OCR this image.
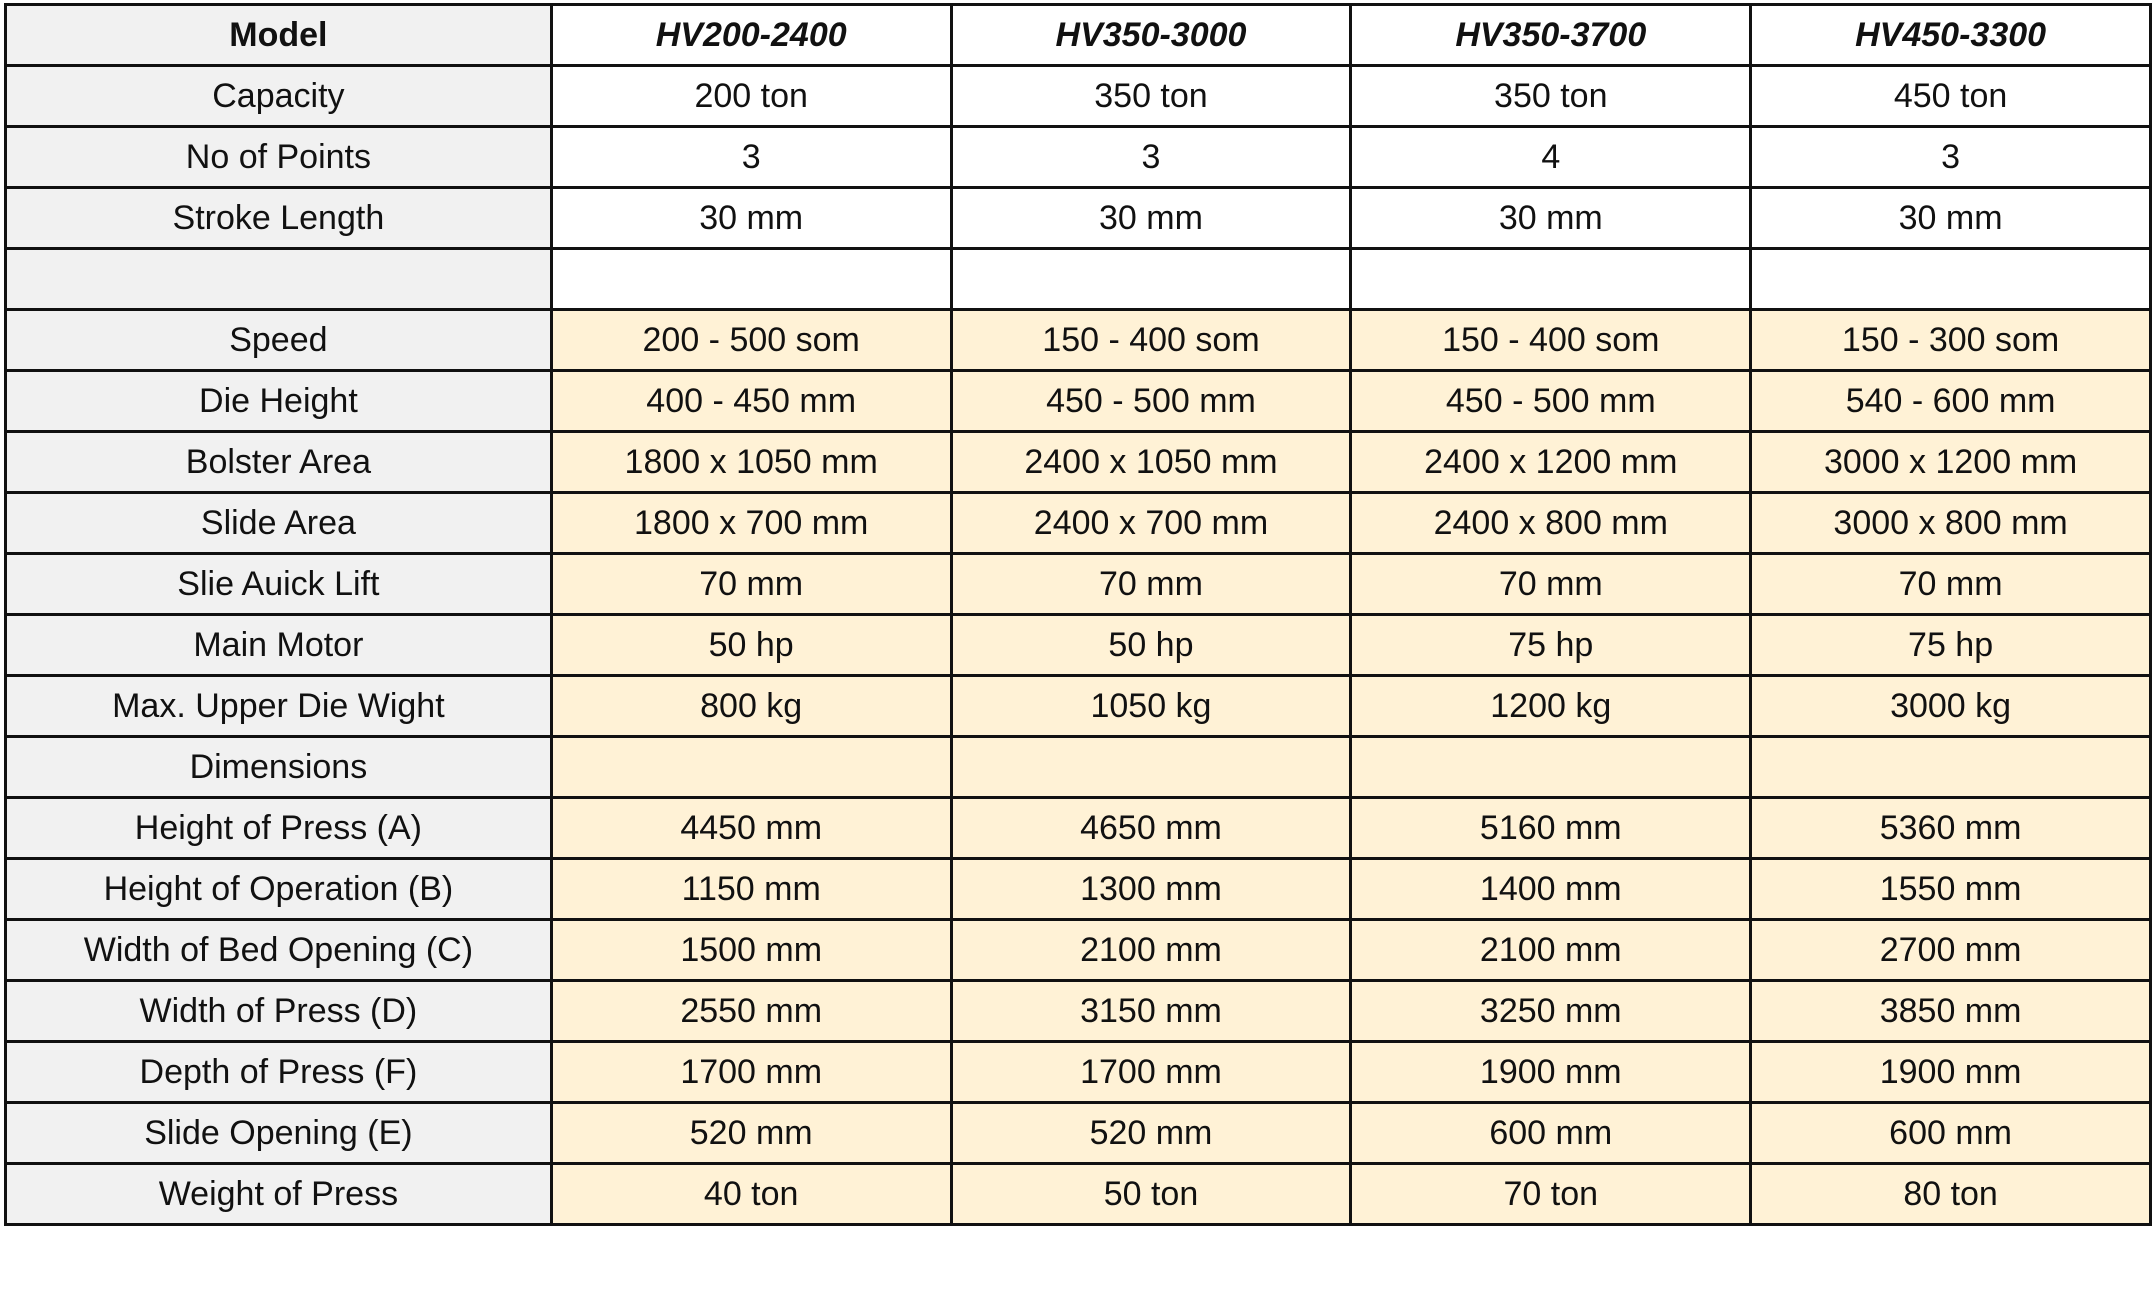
Model	HV200-2400	HV350-3000	HV350-3700	HV450-3300
Capacity	200 ton	350 ton	350 ton	450 ton
No of Points	3	3	4	3
Stroke Length	30 mm	30 mm	30 mm	30 mm

Speed	200 - 500 som	150 - 400 som	150 - 400 som	150 - 300 som
Die Height	400 - 450 mm	450 - 500 mm	450 - 500 mm	540 - 600 mm
Bolster Area	1800 x 1050 mm	2400 x 1050 mm	2400 x 1200 mm	3000 x 1200 mm
Slide Area	1800 x 700 mm	2400 x 700 mm	2400 x 800 mm	3000 x 800 mm
Slie Auick Lift	70 mm	70 mm	70 mm	70 mm
Main Motor	50 hp	50 hp	75 hp	75 hp
Max. Upper Die Wight	800 kg	1050 kg	1200 kg	3000 kg
Dimensions				
Height of Press (A)	4450 mm	4650 mm	5160 mm	5360 mm
Height of Operation (B)	1150 mm	1300 mm	1400 mm	1550 mm
Width of Bed Opening (C)	1500 mm	2100 mm	2100 mm	2700 mm
Width of Press (D)	2550 mm	3150 mm	3250 mm	3850 mm
Depth of Press (F)	1700 mm	1700 mm	1900 mm	1900 mm
Slide Opening (E)	520 mm	520 mm	600 mm	600 mm
Weight of Press	40 ton	50 ton	70 ton	80 ton
